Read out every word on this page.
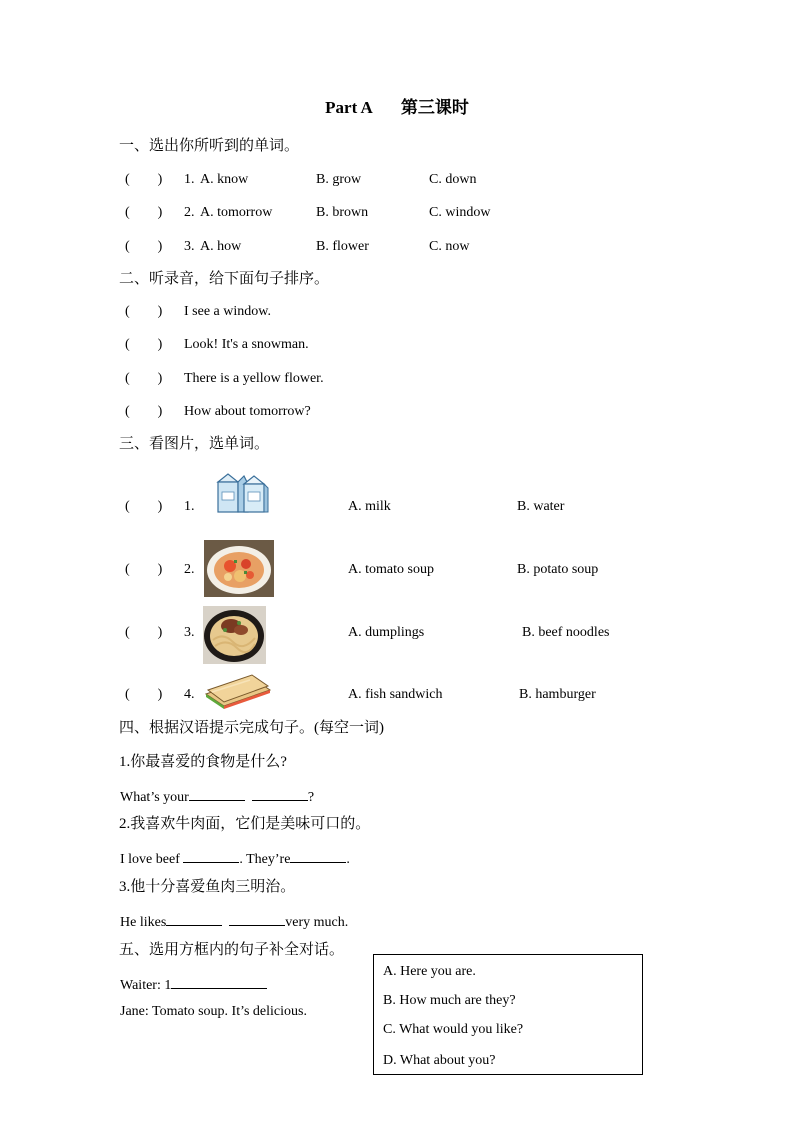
Part A 第三课时
一、选出你所听到的单词。
(　　) 1. A. know	B. grow	C. down
(　　) 2. A. tomorrow	B. brown	C. window
(　　) 3. A. how	B. flower	C. now
二、听录音，给下面句子排序。
(　　) I see a window.
(　　) Look! It's a snowman.
(　　) There is a yellow flower.
(　　) How about tomorrow?
三、看图片，选单词。
(　　) 1.	A. milk	B. water
(　　) 2.	A. tomato soup	B. potato soup
(　　) 3.	A. dumplings	B. beef noodles
(　　) 4.	A. fish sandwich	B. hamburger
四、根据汉语提示完成句子。(每空一词)
1.你最喜爱的食物是什么?
What’s your	?
2.我喜欢牛肉面，它们是美味可口的。
I love beef	. They’re	.
3.他十分喜爱鱼肉三明治。
He likes	very much.
五、选用方框内的句子补全对话。
Waiter: 1
Jane: Tomato soup. It’s delicious.
A. Here you are.
B. How much are they?
C. What would you like?
D. What about you?
